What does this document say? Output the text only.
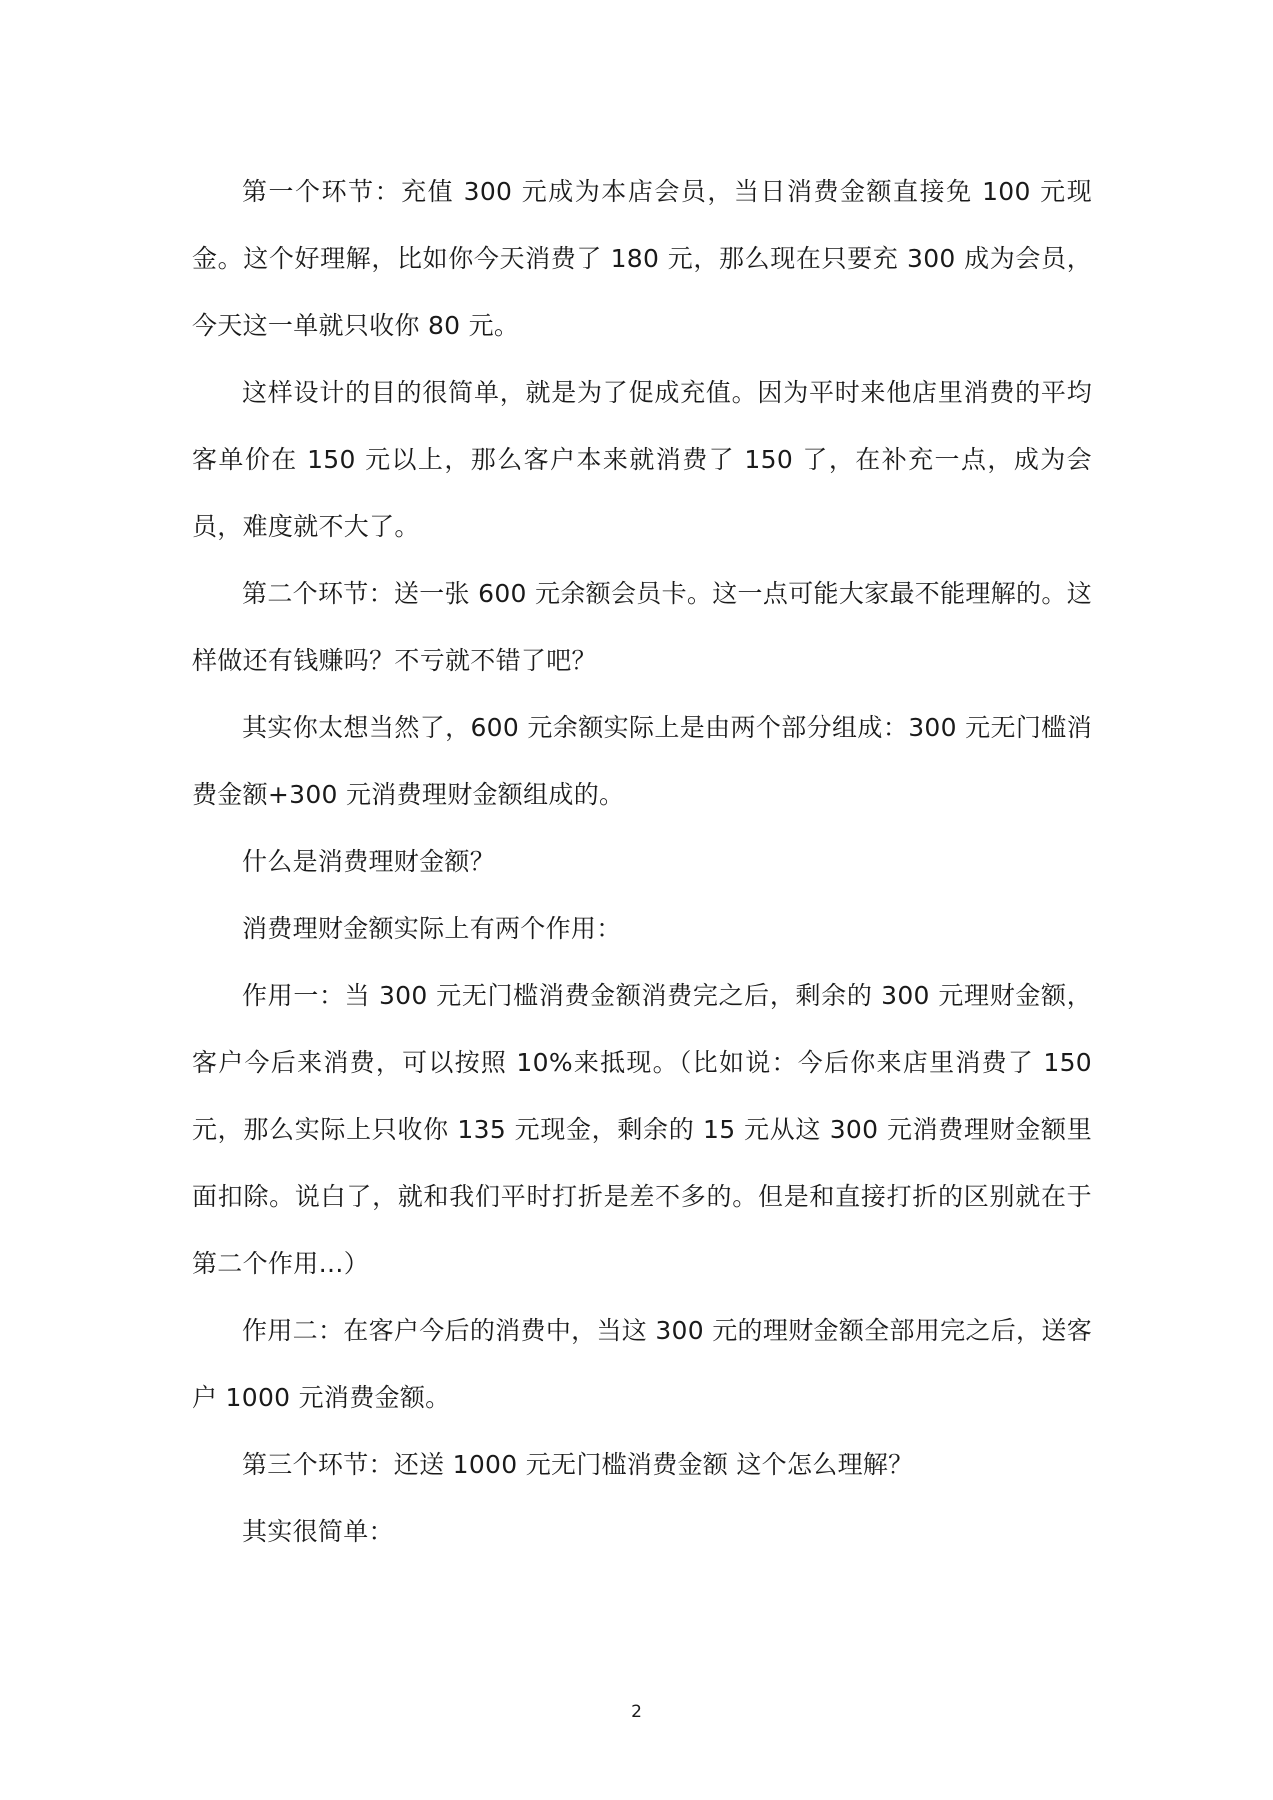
第一个环节：充值 300 元成为本店会员，当日消费金额直接免 100 元现金。这个好理解，比如你今天消费了 180 元，那么现在只要充 300 成为会员，今天这一单就只收你 80 元。

这样设计的目的很简单，就是为了促成充值。因为平时来他店里消费的平均客单价在 150 元以上，那么客户本来就消费了 150 了，在补充一点，成为会员，难度就不大了。

第二个环节：送一张 600 元余额会员卡。这一点可能大家最不能理解的。这样做还有钱赚吗？不亏就不错了吧？

其实你太想当然了，600 元余额实际上是由两个部分组成：300 元无门槛消费金额+300 元消费理财金额组成的。

什么是消费理财金额？

消费理财金额实际上有两个作用：

作用一：当 300 元无门槛消费金额消费完之后，剩余的 300 元理财金额，客户今后来消费，可以按照 10%来抵现。（比如说：今后你来店里消费了 150 元，那么实际上只收你 135 元现金，剩余的 15 元从这 300 元消费理财金额里面扣除。说白了，就和我们平时打折是差不多的。但是和直接打折的区别就在于第二个作用…）

作用二：在客户今后的消费中，当这 300 元的理财金额全部用完之后，送客户 1000 元消费金额。

第三个环节：还送 1000 元无门槛消费金额 这个怎么理解？

其实很简单：

2
